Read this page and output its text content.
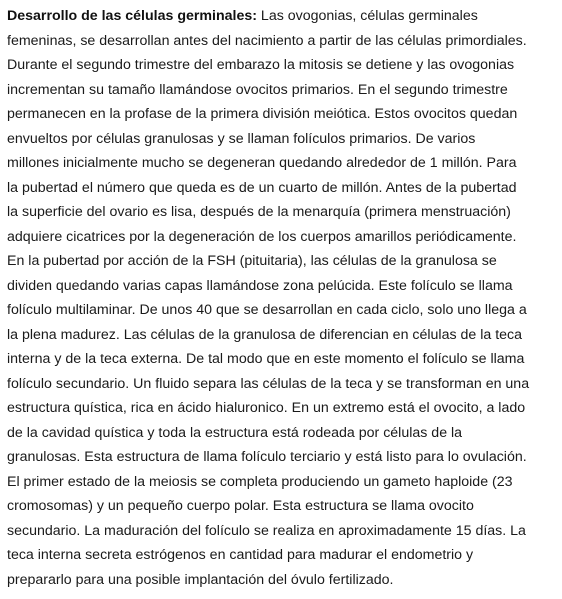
Desarrollo de las células germinales: Las ovogonias, células germinales
femeninas, se desarrollan antes del nacimiento a partir de las células primordiales.
Durante el segundo trimestre del embarazo la mitosis se detiene y las ovogonias
incrementan su tamaño llamándose ovocitos primarios. En el segundo trimestre
permanecen en la profase de la primera división meiótica. Estos ovocitos quedan
envueltos por células granulosas y se llaman folículos primarios. De varios
millones inicialmente mucho se degeneran quedando alrededor de 1 millón. Para
la pubertad el número que queda es de un cuarto de millón. Antes de la pubertad
la superficie del ovario es lisa, después de la menarquía (primera menstruación)
adquiere cicatrices por la degeneración de los cuerpos amarillos periódicamente.
En la pubertad por acción de la FSH (pituitaria), las células de la granulosa se
dividen quedando varias capas llamándose zona pelúcida. Este folículo se llama
folículo multilaminar. De unos 40 que se desarrollan en cada ciclo, solo uno llega a
la plena madurez. Las células de la granulosa de diferencian en células de la teca
interna y de la teca externa. De tal modo que en este momento el folículo se llama
folículo secundario. Un fluido separa las células de la teca y se transforman en una
estructura quística, rica en ácido hialuronico. En un extremo está el ovocito, a lado
de la cavidad quística y toda la estructura está rodeada por células de la
granulosas. Esta estructura de llama folículo terciario y está listo para lo ovulación.
El primer estado de la meiosis se completa produciendo un gameto haploide (23
cromosomas) y un pequeño cuerpo polar. Esta estructura se llama ovocito
secundario. La maduración del folículo se realiza en aproximadamente 15 días. La
teca interna secreta estrógenos en cantidad para madurar el endometrio y
prepararlo para una posible implantación del óvulo fertilizado.
